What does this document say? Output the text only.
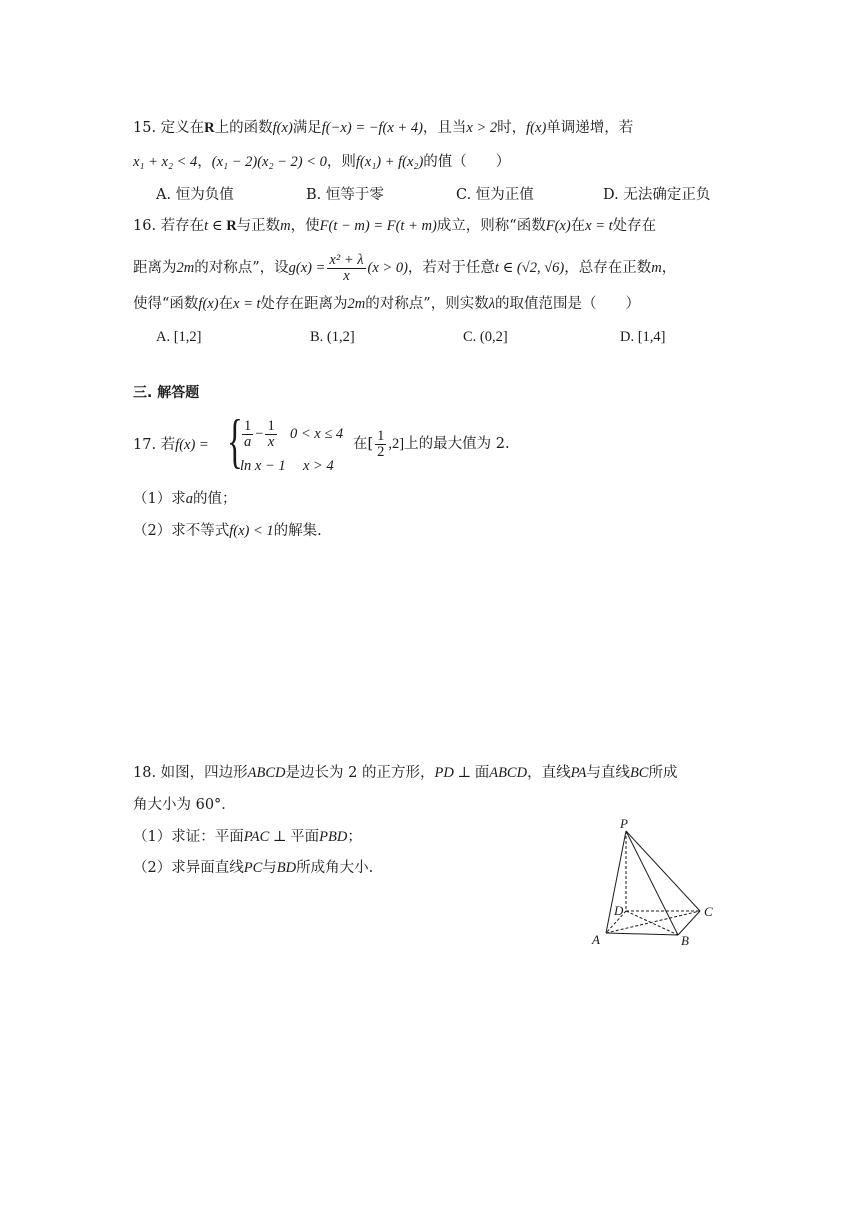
15. 定义在R上的函数f(x)满足f(−x) = −f(x + 4)，且当x > 2时，f(x)单调递增，若
x₁ + x₂ < 4，(x₁ − 2)(x₂ − 2) < 0，则f(x₁) + f(x₂)的值（　　）
A. 恒为负值	B. 恒等于零	C. 恒为正值	D. 无法确定正负
16. 若存在t ∈ R与正数m，使F(t − m) = F(t + m)成立，则称“函数F(x)在x = t处存在
距离为2m的对称点”，设$g(x) = \frac{\text{x² + λ}}{x} (x > 0)$，若对于任意t ∈ (√2, √6)，总存在正数m，
使得“函数f(x)在x = t处存在距离为2m的对称点”，则实数λ的取值范围是（　　）
A. [1,2]	B. (1,2]	C. (0,2]	D. [1,4]
三. 解答题
17. 若f(x) = { $\frac{1}{a} - \frac{1}{x} 0 < x \le 4$
ln x − 1 x > 4
在[ $\frac{1}{2} ,2$]上的最大值为 2.
（1）求a的值；
（2）求不等式f(x) < 1的解集.
18. 如图，四边形ABCD是边长为 2 的正方形，PD ⊥ 面ABCD，直线PA与直线BC所成
角大小为 60°．
（1）求证：平面PAC ⊥ 平面PBD；
（2）求异面直线PC与BD所成角大小.
P
D	C
A	B
